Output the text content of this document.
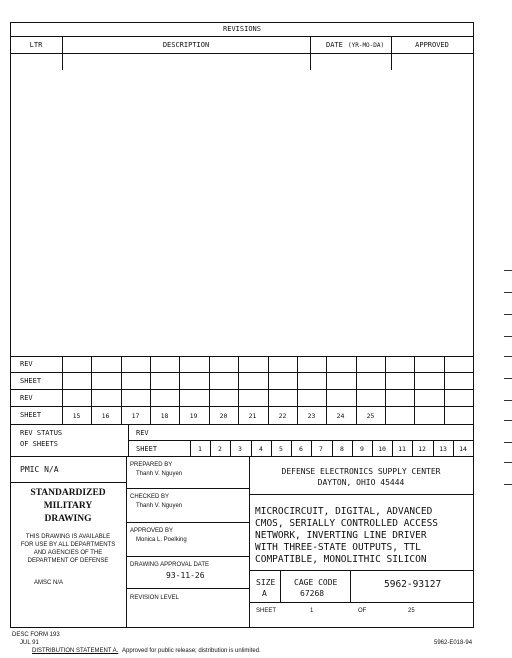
REVISIONS
LTR	DESCRIPTION	DATE (YR-MO-DA)	APPROVED
REV
SHEET
REV
SHEET	15	16	17	18	19	20	21	22	23	24	25
REV STATUS
OF SHEETS
REV
SHEET	1	2	3	4	5	6	7	8	9	10	11	12	13	14
PMIC N/A
STANDARDIZED
MILITARY
DRAWING
THIS DRAWING IS AVAILABLE
FOR USE BY ALL DEPARTMENTS
AND AGENCIES OF THE
DEPARTMENT OF DEFENSE
AMSC N/A
PREPARED BY
Thanh V. Nguyen
CHECKED BY
Thanh V. Nguyen
APPROVED BY
Monica L. Poelking
DRAWING APPROVAL DATE
93-11-26
REVISION LEVEL
DEFENSE ELECTRONICS SUPPLY CENTER
DAYTON, OHIO 45444
MICROCIRCUIT, DIGITAL, ADVANCED
CMOS, SERIALLY CONTROLLED ACCESS
NETWORK, INVERTING LINE DRIVER
WITH THREE-STATE OUTPUTS, TTL
COMPATIBLE, MONOLITHIC SILICON
SIZE
A
CAGE CODE
67268
5962-93127
SHEET	1	OF	25
DESC FORM 193
JUL 91
DISTRIBUTION STATEMENT A. Approved for public release; distribution is unlimited.
5962-E018-94
